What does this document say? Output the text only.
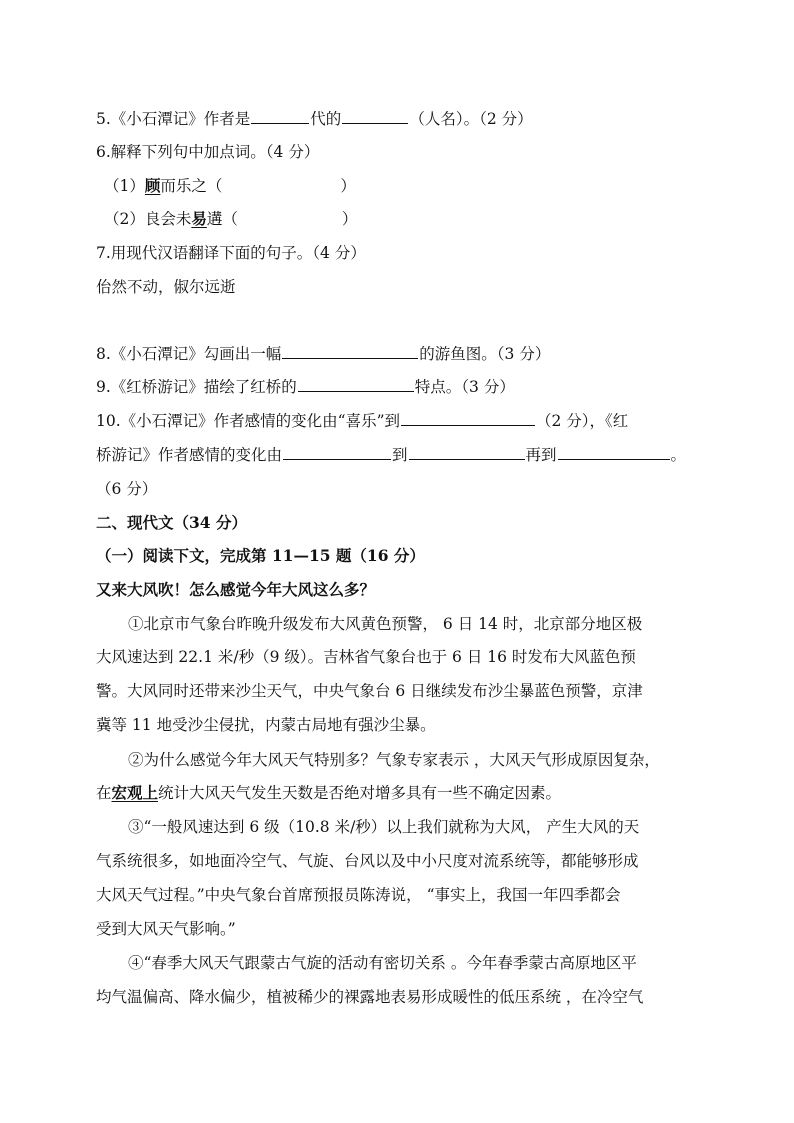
5.《小石潭记》作者是	代的	（人名）。（2 分）
6.解释下列句中加点词。（4 分）
（1）顾而乐之（	）
（2）良会未易遘（	）
7.用现代汉语翻译下面的句子。（4 分）
佁然不动，俶尔远逝
8.《小石潭记》勾画出一幅	的游鱼图。（3 分）
9.《红桥游记》描绘了红桥的	特点。（3 分）
10.《小石潭记》作者感情的变化由“喜乐”到	（2 分），《红
桥游记》作者感情的变化由	到	再到	。
（6 分）
二、现代文（34 分）
（一）阅读下文，完成第 11—15 题（16 分）
又来大风吹！怎么感觉今年大风这么多？
①北京市气象台昨晚升级发布大风黄色预警， 6 日 14 时，北京部分地区极
大风速达到 22.1 米/秒（9 级）。吉林省气象台也于 6 日 16 时发布大风蓝色预
警。大风同时还带来沙尘天气，中央气象台 6 日继续发布沙尘暴蓝色预警，京津
冀等 11 地受沙尘侵扰，内蒙古局地有强沙尘暴。
②为什么感觉今年大风天气特别多？气象专家表示 ，大风天气形成原因复杂，
在宏观上统计大风天气发生天数是否绝对增多具有一些不确定因素。
③“一般风速达到 6 级（10.8 米/秒）以上我们就称为大风， 产生大风的天
气系统很多，如地面冷空气、气旋、台风以及中小尺度对流系统等，都能够形成
大风天气过程。”中央气象台首席预报员陈涛说， “事实上，我国一年四季都会
受到大风天气影响。”
④“春季大风天气跟蒙古气旋的活动有密切关系 。今年春季蒙古高原地区平
均气温偏高、降水偏少，植被稀少的裸露地表易形成暖性的低压系统 ，在冷空气
